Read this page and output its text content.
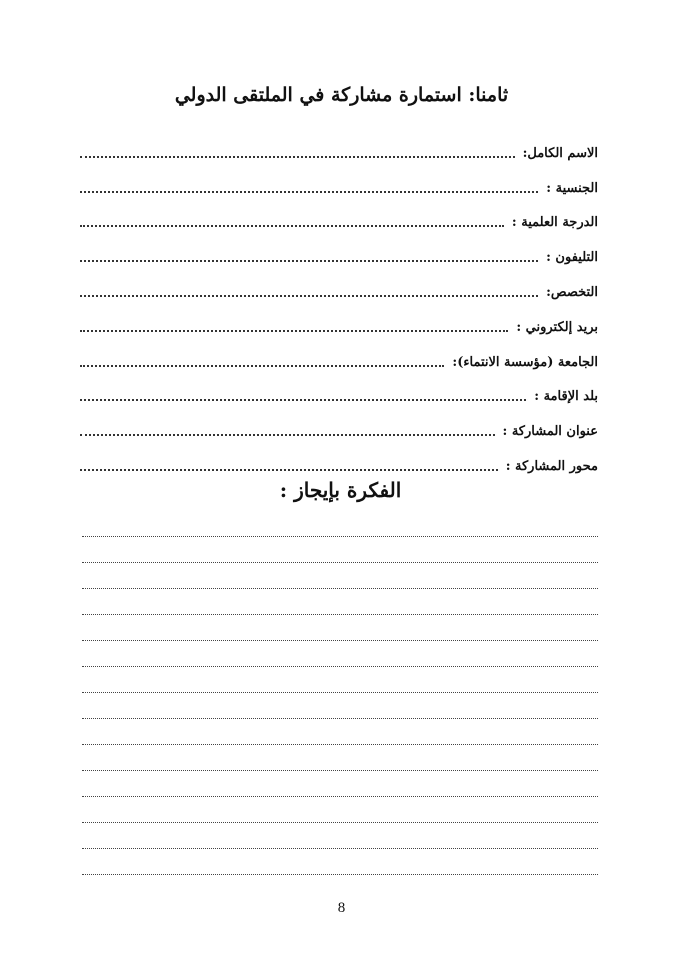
ثامنا: استمارة مشاركة في الملتقى الدولي
الاسم الكامل:
الجنسية :
الدرجة العلمية :
التليفون :
التخصص:
بريد إلكتروني :
الجامعة (مؤسسة الانتماء):
بلد الإقامة :
عنوان المشاركة :
محور المشاركة :
الفكرة بإيجاز :
8
